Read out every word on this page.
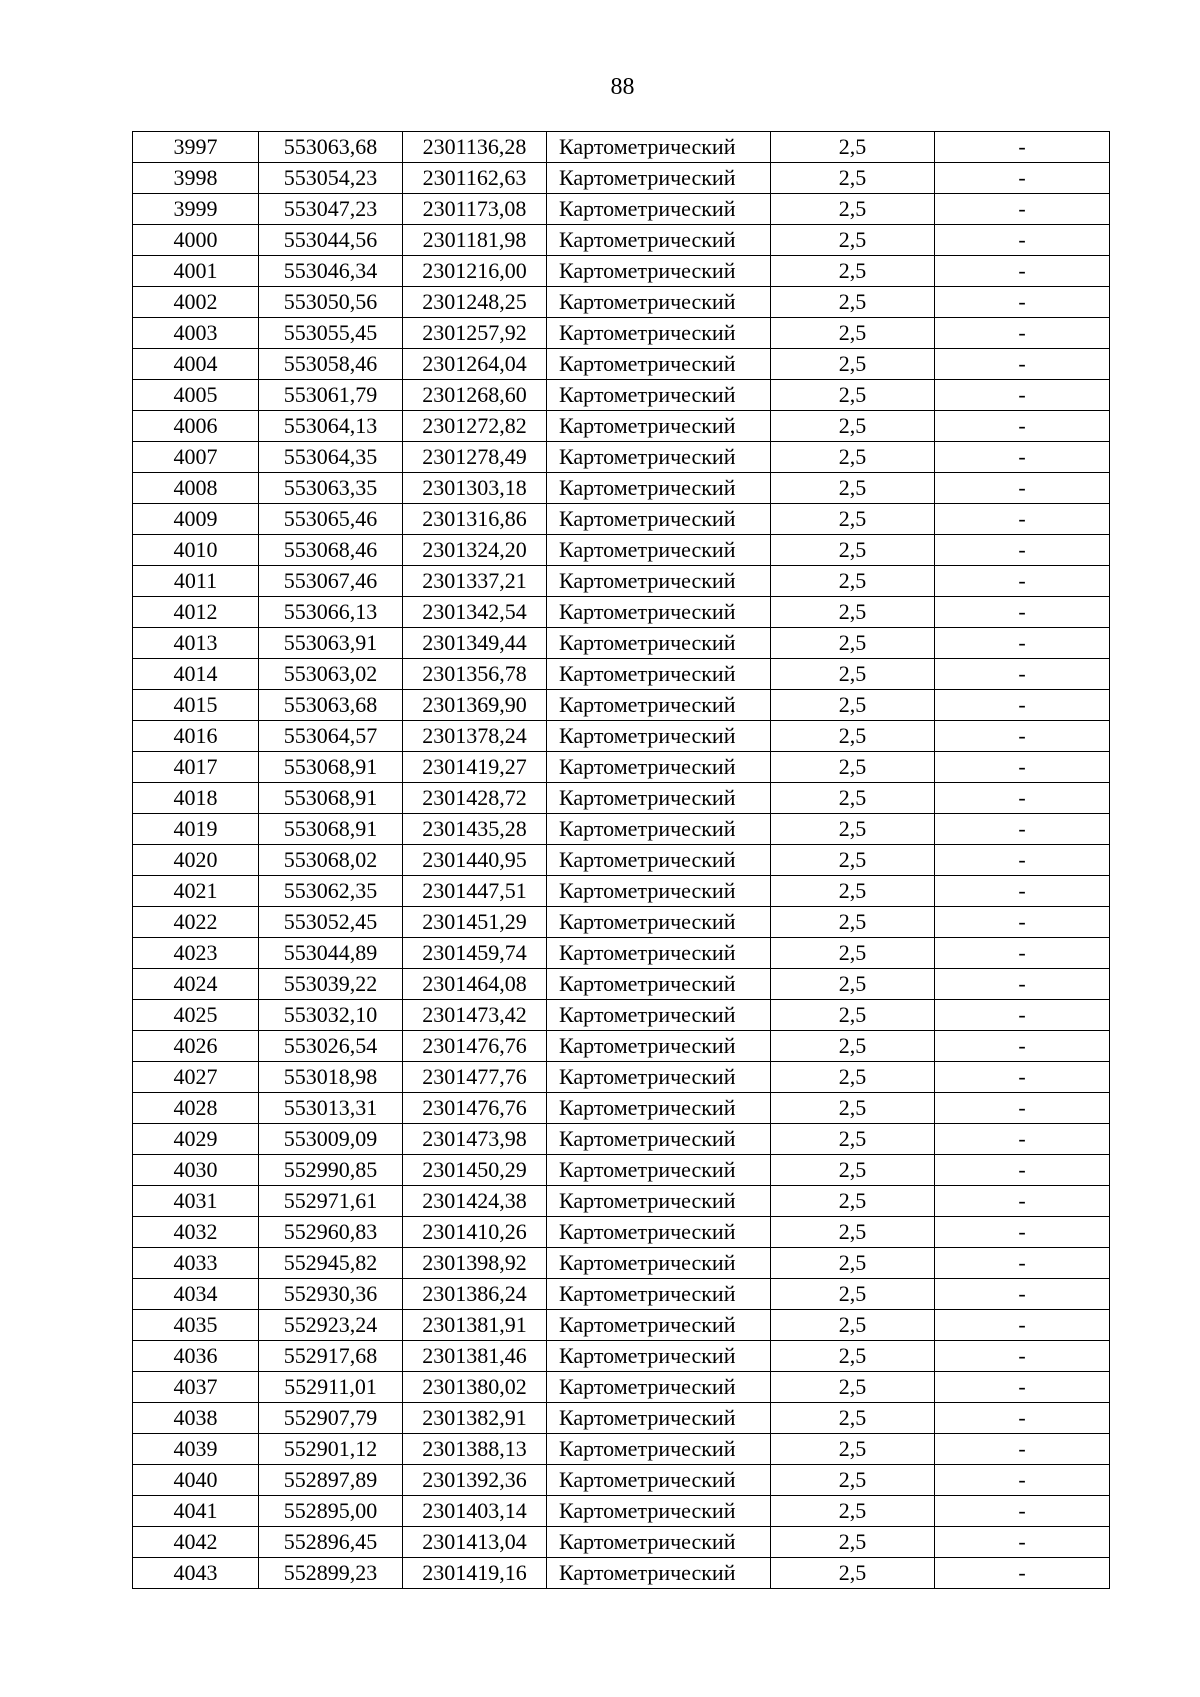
88
3997	553063,68	2301136,28	Картометрический	2,5	-
3998	553054,23	2301162,63	Картометрический	2,5	-
3999	553047,23	2301173,08	Картометрический	2,5	-
4000	553044,56	2301181,98	Картометрический	2,5	-
4001	553046,34	2301216,00	Картометрический	2,5	-
4002	553050,56	2301248,25	Картометрический	2,5	-
4003	553055,45	2301257,92	Картометрический	2,5	-
4004	553058,46	2301264,04	Картометрический	2,5	-
4005	553061,79	2301268,60	Картометрический	2,5	-
4006	553064,13	2301272,82	Картометрический	2,5	-
4007	553064,35	2301278,49	Картометрический	2,5	-
4008	553063,35	2301303,18	Картометрический	2,5	-
4009	553065,46	2301316,86	Картометрический	2,5	-
4010	553068,46	2301324,20	Картометрический	2,5	-
4011	553067,46	2301337,21	Картометрический	2,5	-
4012	553066,13	2301342,54	Картометрический	2,5	-
4013	553063,91	2301349,44	Картометрический	2,5	-
4014	553063,02	2301356,78	Картометрический	2,5	-
4015	553063,68	2301369,90	Картометрический	2,5	-
4016	553064,57	2301378,24	Картометрический	2,5	-
4017	553068,91	2301419,27	Картометрический	2,5	-
4018	553068,91	2301428,72	Картометрический	2,5	-
4019	553068,91	2301435,28	Картометрический	2,5	-
4020	553068,02	2301440,95	Картометрический	2,5	-
4021	553062,35	2301447,51	Картометрический	2,5	-
4022	553052,45	2301451,29	Картометрический	2,5	-
4023	553044,89	2301459,74	Картометрический	2,5	-
4024	553039,22	2301464,08	Картометрический	2,5	-
4025	553032,10	2301473,42	Картометрический	2,5	-
4026	553026,54	2301476,76	Картометрический	2,5	-
4027	553018,98	2301477,76	Картометрический	2,5	-
4028	553013,31	2301476,76	Картометрический	2,5	-
4029	553009,09	2301473,98	Картометрический	2,5	-
4030	552990,85	2301450,29	Картометрический	2,5	-
4031	552971,61	2301424,38	Картометрический	2,5	-
4032	552960,83	2301410,26	Картометрический	2,5	-
4033	552945,82	2301398,92	Картометрический	2,5	-
4034	552930,36	2301386,24	Картометрический	2,5	-
4035	552923,24	2301381,91	Картометрический	2,5	-
4036	552917,68	2301381,46	Картометрический	2,5	-
4037	552911,01	2301380,02	Картометрический	2,5	-
4038	552907,79	2301382,91	Картометрический	2,5	-
4039	552901,12	2301388,13	Картометрический	2,5	-
4040	552897,89	2301392,36	Картометрический	2,5	-
4041	552895,00	2301403,14	Картометрический	2,5	-
4042	552896,45	2301413,04	Картометрический	2,5	-
4043	552899,23	2301419,16	Картометрический	2,5	-
